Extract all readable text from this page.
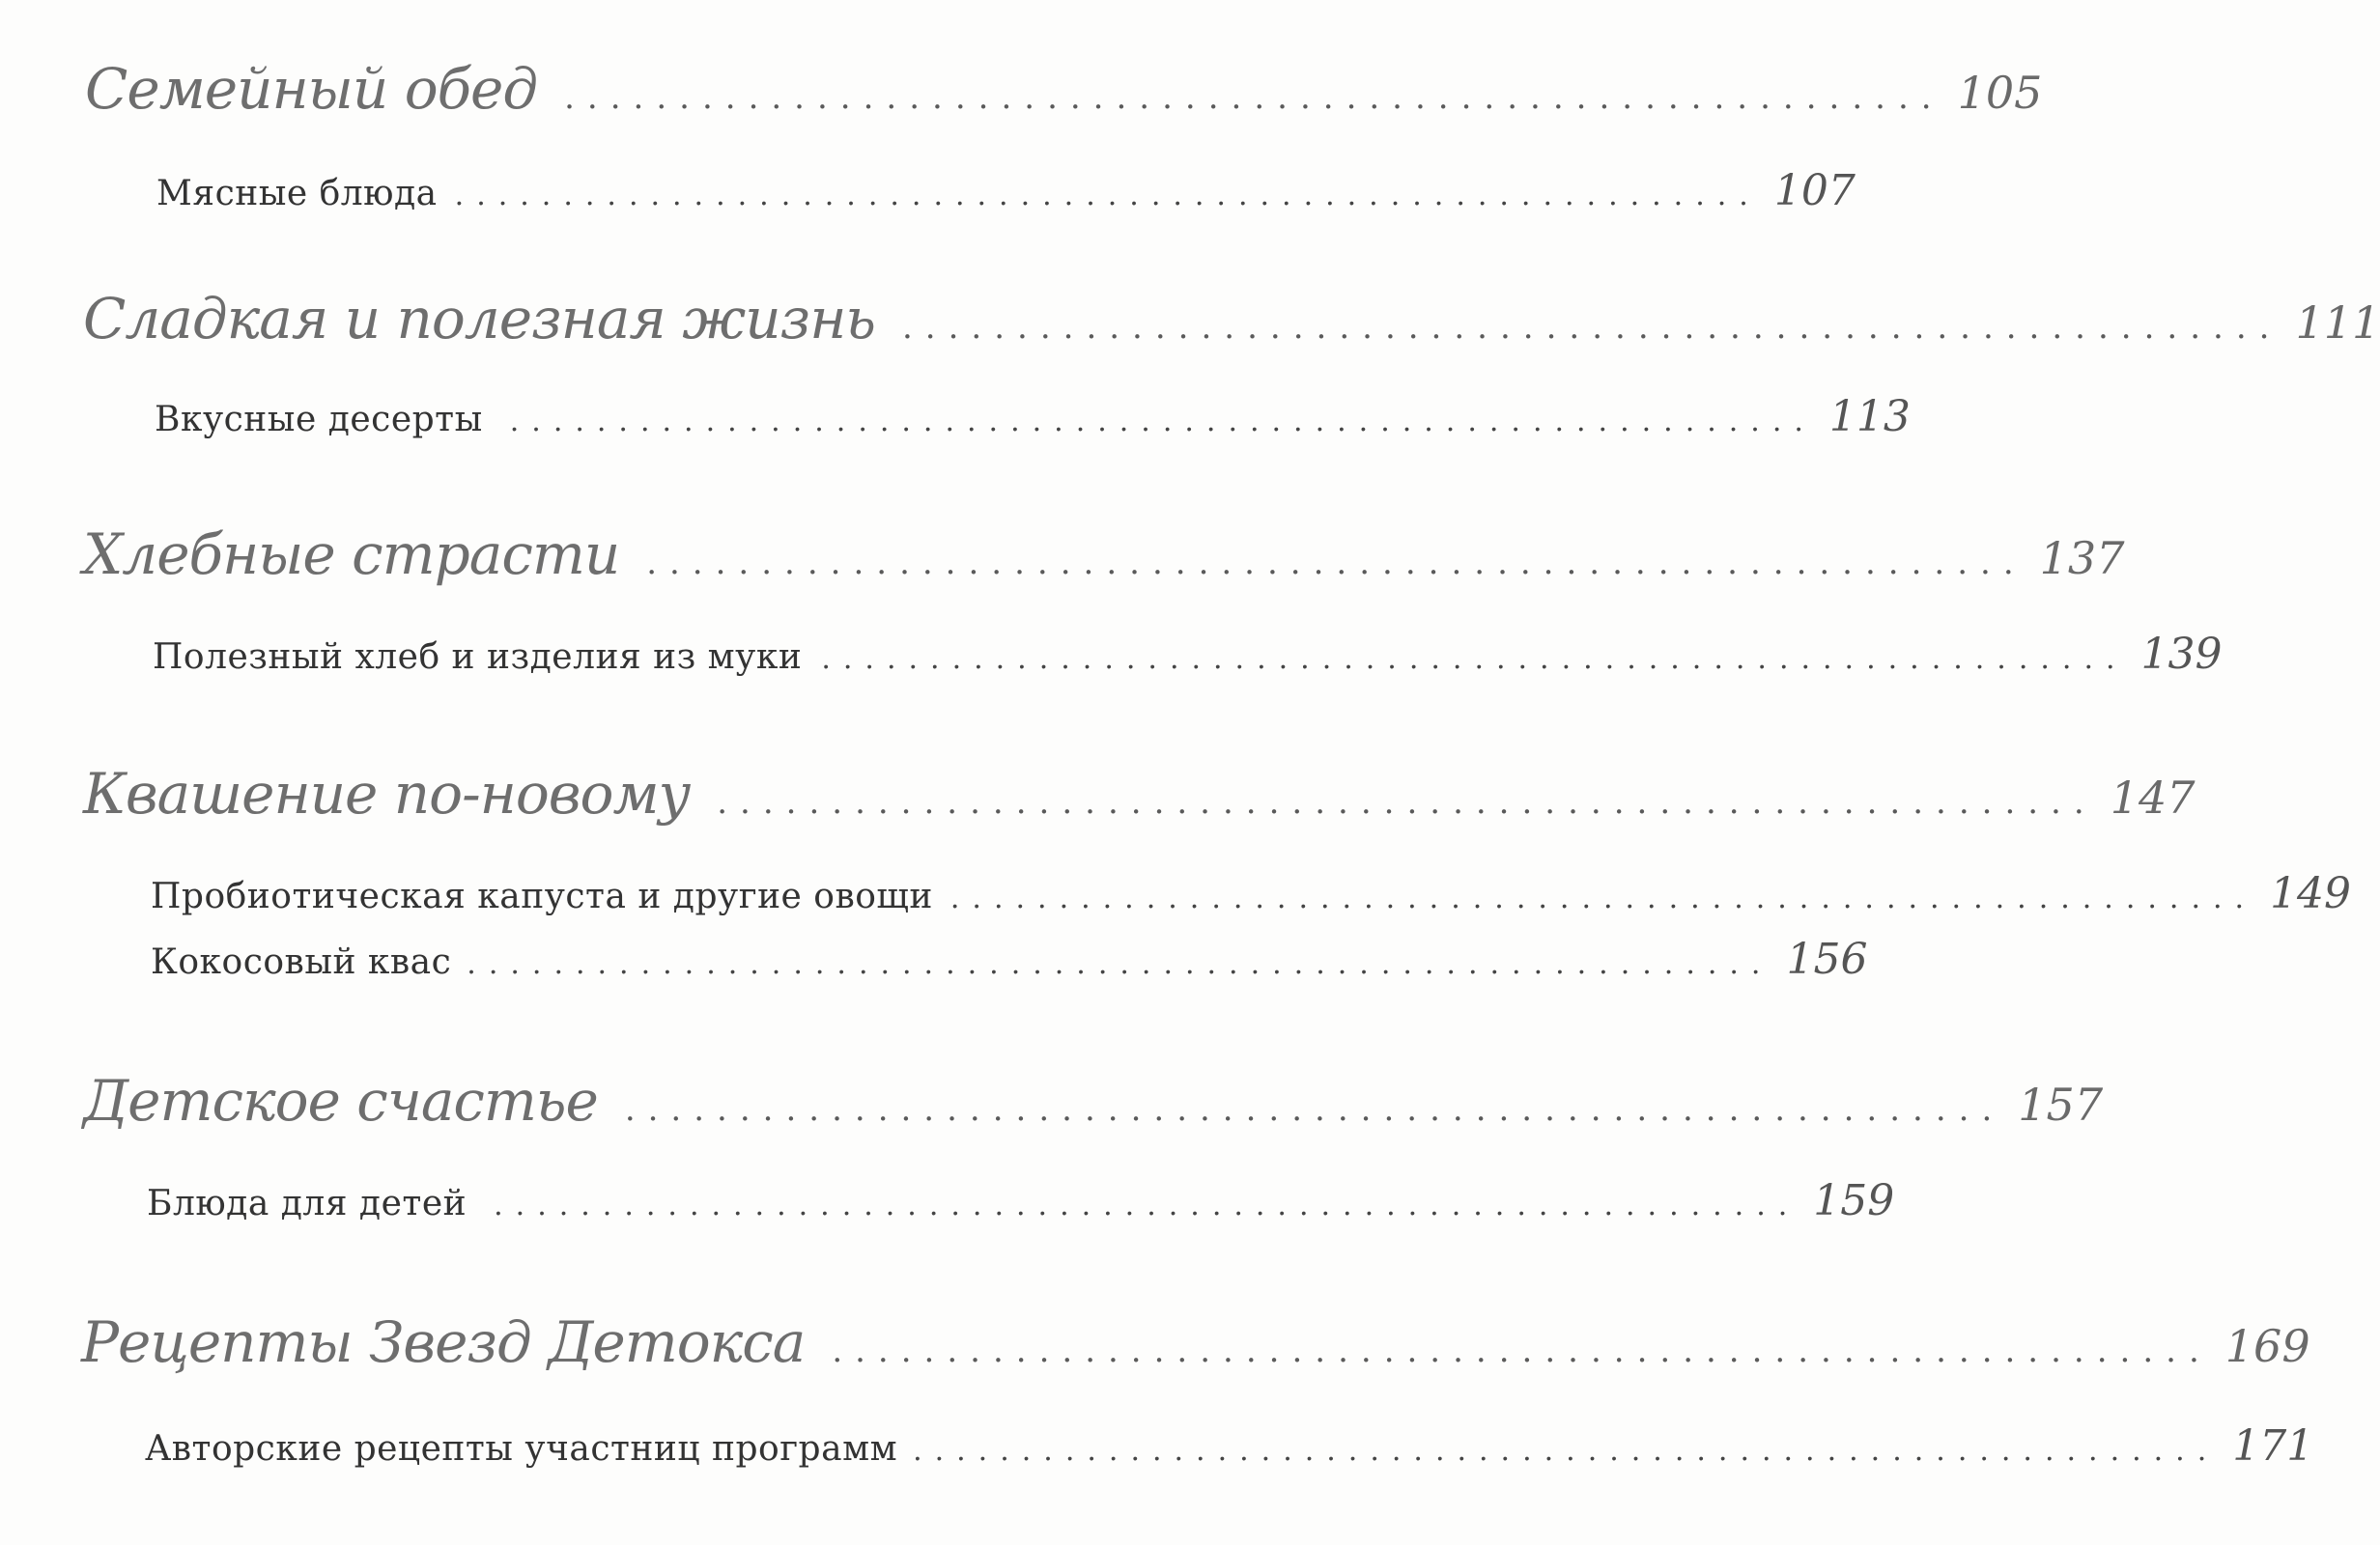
Семейный обед ............................................................ 105
Мясные блюда ............................................................ 107
Сладкая и полезная жизнь ............................................................ 111
Вкусные десерты ............................................................ 113
Хлебные страсти ............................................................ 137
Полезный хлеб и изделия из муки ............................................................ 139
Квашение по-новому ............................................................ 147
Пробиотическая капуста и другие овощи ............................................................ 149
Кокосовый квас ............................................................ 156
Детское счастье ............................................................ 157
Блюда для детей ............................................................ 159
Рецепты Звезд Детокса ............................................................ 169
Авторские рецепты участниц программ ............................................................ 171
